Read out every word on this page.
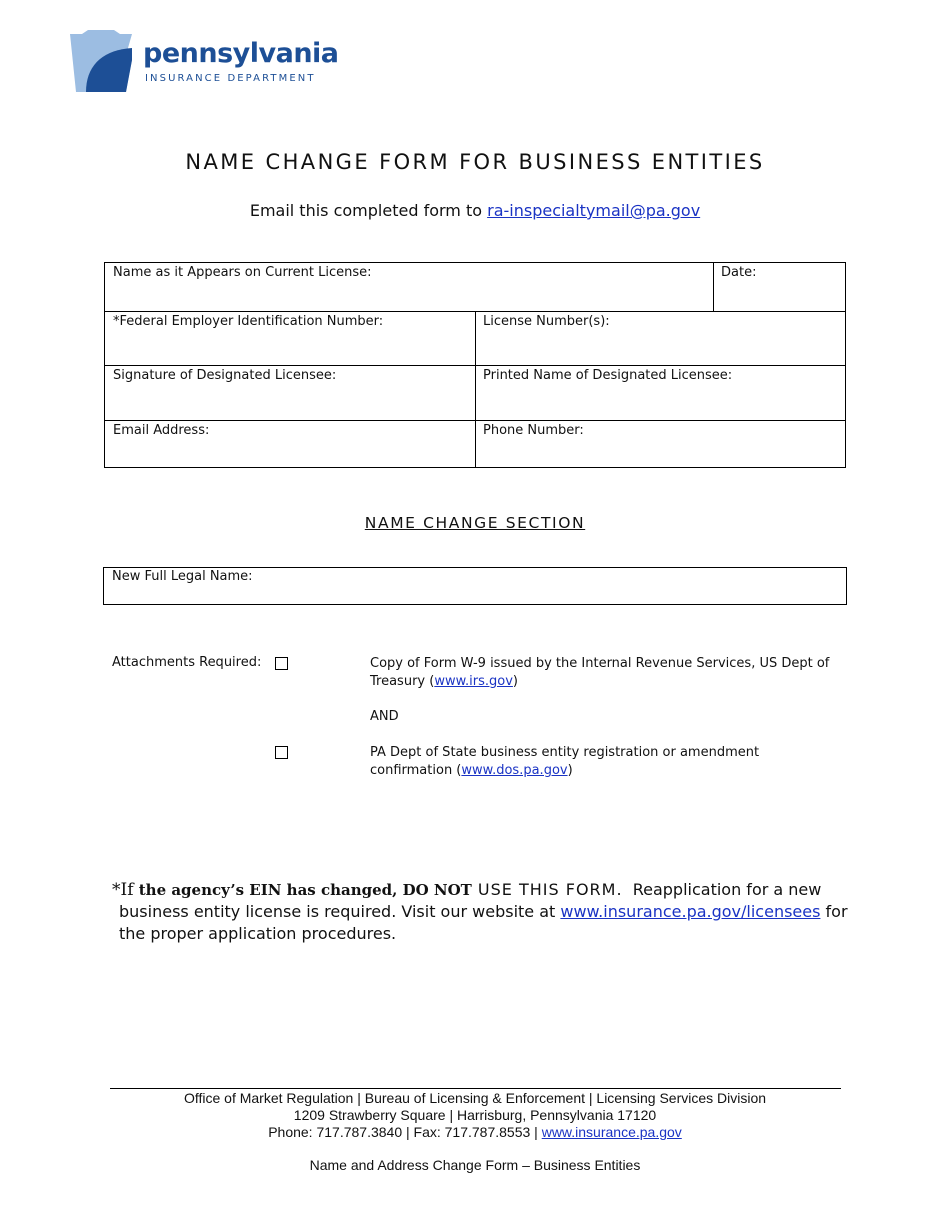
pennsylvania
INSURANCE DEPARTMENT
NAME CHANGE FORM FOR BUSINESS ENTITIES
Email this completed form to ra-inspecialtymail@pa.gov
Name as it Appears on Current License:	Date:
*Federal Employer Identification Number:	License Number(s):
Signature of Designated Licensee:	Printed Name of Designated Licensee:
Email Address:	Phone Number:
NAME CHANGE SECTION
New Full Legal Name:
Attachments Required:	Copy of Form W-9 issued by the Internal Revenue Services, US Dept of Treasury (www.irs.gov)
AND
PA Dept of State business entity registration or amendment confirmation (www.dos.pa.gov)
*If the agency’s EIN has changed, DO NOT USE THIS FORM.  Reapplication for a new
business entity license is required. Visit our website at www.insurance.pa.gov/licensees for
the proper application procedures.
Office of Market Regulation | Bureau of Licensing & Enforcement | Licensing Services Division
1209 Strawberry Square | Harrisburg, Pennsylvania 17120
Phone: 717.787.3840 | Fax: 717.787.8553 | www.insurance.pa.gov
Name and Address Change Form – Business Entities
